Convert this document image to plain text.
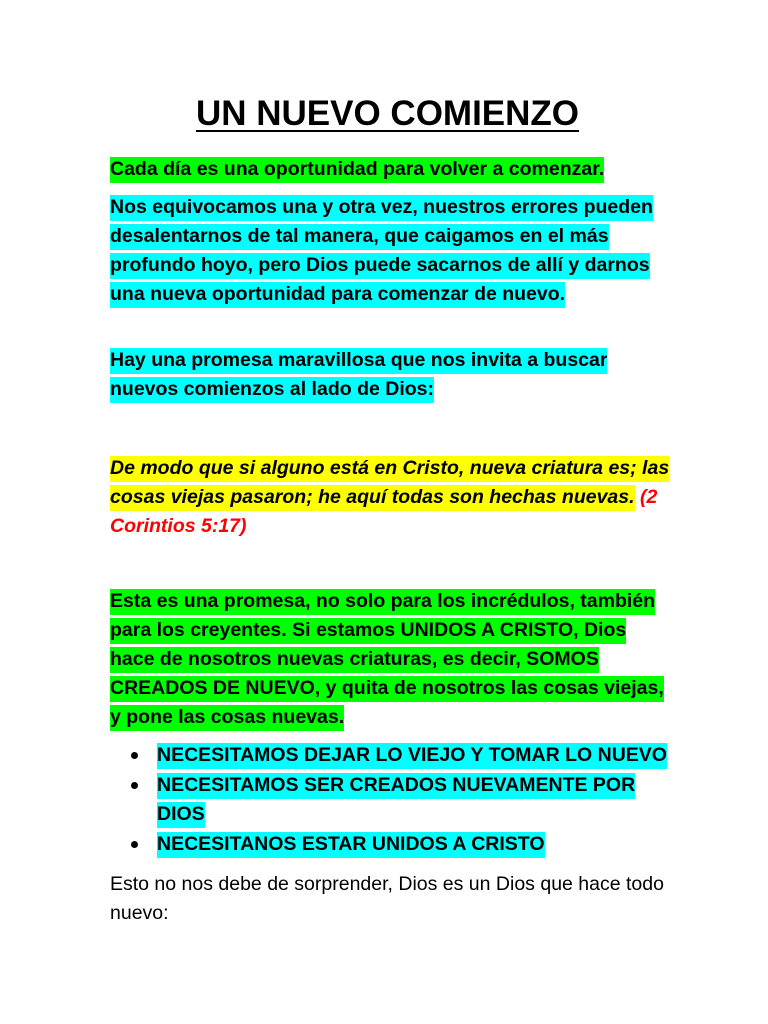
UN NUEVO COMIENZO

Cada día es una oportunidad para volver a comenzar.

Nos equivocamos una y otra vez, nuestros errores pueden desalentarnos de tal manera, que caigamos en el más profundo hoyo, pero Dios puede sacarnos de allí y darnos una nueva oportunidad para comenzar de nuevo.

Hay una promesa maravillosa que nos invita a buscar nuevos comienzos al lado de Dios:

De modo que si alguno está en Cristo, nueva criatura es; las cosas viejas pasaron; he aquí todas son hechas nuevas. (2 Corintios 5:17)

Esta es una promesa, no solo para los incrédulos, también para los creyentes. Si estamos UNIDOS A CRISTO, Dios hace de nosotros nuevas criaturas, es decir, SOMOS CREADOS DE NUEVO, y quita de nosotros las cosas viejas, y pone las cosas nuevas.

NECESITAMOS DEJAR LO VIEJO Y TOMAR LO NUEVO
NECESITAMOS SER CREADOS NUEVAMENTE POR DIOS
NECESITANOS ESTAR UNIDOS A CRISTO

Esto no nos debe de sorprender, Dios es un Dios que hace todo nuevo:
